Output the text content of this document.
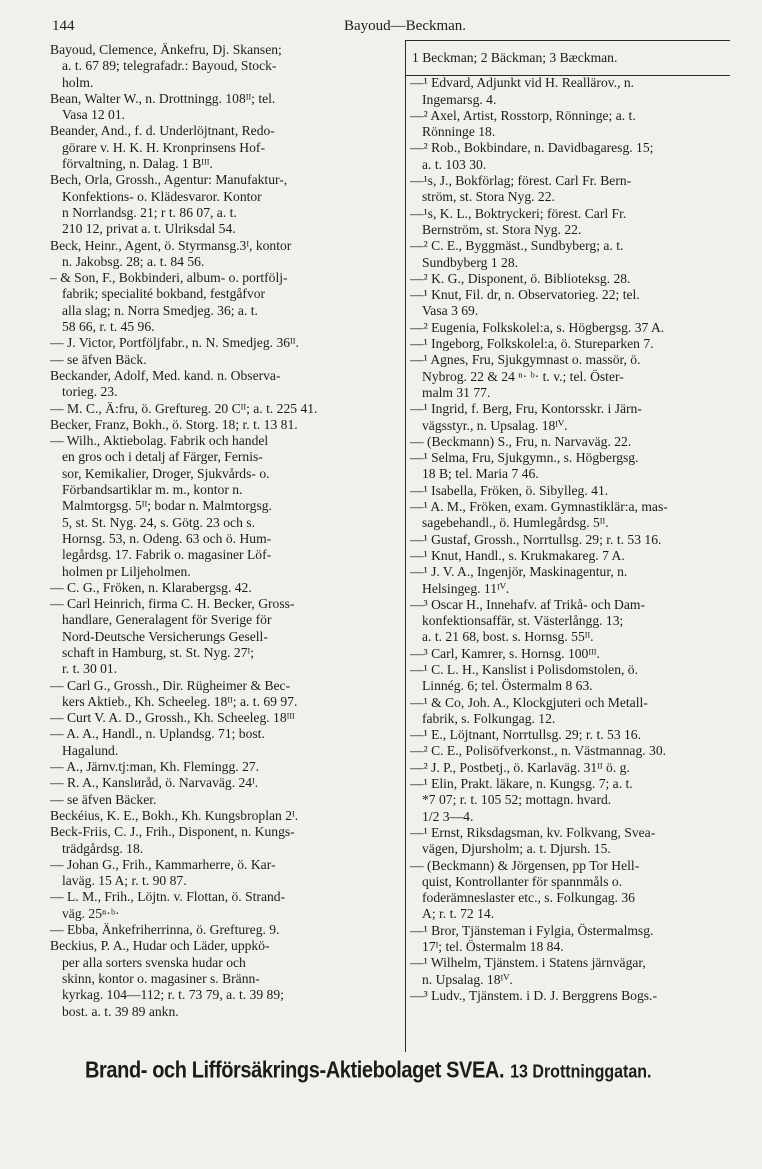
144	Bayoud—Beckman.
Bayoud, Clemence, Änkefru, Dj. Skansen;
a. t. 67 89; telegrafadr.: Bayoud, Stock-
holm.
Bean, Walter W., n. Drottningg. 108ᴵᴵ; tel.
Vasa 12 01.
Beander, And., f. d. Underlöjtnant, Redo-
görare v. H. K. H. Kronprinsens Hof-
förvaltning, n. Dalag. 1 Bᴵᴵᴵ.
Bech, Orla, Grossh., Agentur: Manufaktur-,
Konfektions- o. Klädesvaror. Kontor
n Norrlandsg. 21; r t. 86 07, a. t.
210 12, privat a. t. Ulriksdal 54.
Beck, Heinr., Agent, ö. Styrmansg.3ᴵ, kontor
n. Jakobsg. 28; a. t. 84 56.
– & Son, F., Bokbinderi, album- o. portfölj-
fabrik; specialité bokband, festgåfvor
alla slag; n. Norra Smedjeg. 36; a. t.
58 66, r. t. 45 96.
— J. Victor, Portföljfabr., n. N. Smedjeg. 36ᴵᴵ.
— se äfven Bäck.
Beckander, Adolf, Med. kand. n. Observa-
torieg. 23.
— M. C., Ä:fru, ö. Greftureg. 20 Cᴵᴵ; a. t. 225 41.
Becker, Franz, Bokh., ö. Storg. 18; r. t. 13 81.
— Wilh., Aktiebolag. Fabrik och handel
en gros och i detalj af Färger, Fernis-
sor, Kemikalier, Droger, Sjukvårds- o.
Förbandsartiklar m. m., kontor n.
Malmtorgsg. 5ᴵᴵ; bodar n. Malmtorgsg.
5, st. St. Nyg. 24, s. Götg. 23 och s.
Hornsg. 53, n. Odeng. 63 och ö. Hum-
legårdsg. 17. Fabrik o. magasiner Löf-
holmen pr Liljeholmen.
— C. G., Fröken, n. Klarabergsg. 42.
— Carl Heinrich, firma C. H. Becker, Gross-
handlare, Generalagent för Sverige för
Nord-Deutsche Versicherungs Gesell-
schaft in Hamburg, st. St. Nyg. 27ᴵ;
r. t. 30 01.
— Carl G., Grossh., Dir. Rügheimer & Bec-
kers Aktieb., Kh. Scheeleg. 18ᴵᴵ; a. t. 69 97.
— Curt V. A. D., Grossh., Kh. Scheeleg. 18ᴵᴵᴵ
— A. A., Handl., n. Uplandsg. 71; bost.
Hagalund.
— A., Järnv.tj:man, Kh. Flemingg. 27.
— R. A., Kanslиråd, ö. Narvaväg. 24ᴵ.
— se äfven Bäcker.
Beckéius, K. E., Bokh., Kh. Kungsbroplan 2ᴵ.
Beck-Friis, C. J., Frih., Disponent, n. Kungs-
trädgårdsg. 18.
— Johan G., Frih., Kammarherre, ö. Kar-
laväg. 15 A; r. t. 90 87.
— L. M., Frih., Löjtn. v. Flottan, ö. Strand-
väg. 25ⁿ·ᵇ·
— Ebba, Änkefriherrinna, ö. Greftureg. 9.
Beckius, P. A., Hudar och Läder, uppkö-
per alla sorters svenska hudar och
skinn, kontor o. magasiner s. Bränn-
kyrkag. 104—112; r. t. 73 79, a. t. 39 89;
bost. a. t. 39 89 ankn.
1 Beckman; 2 Bäckman; 3 Bæckman.
—¹ Edvard, Adjunkt vid H. Reallärov., n.
Ingemarsg. 4.
—² Axel, Artist, Rosstorp, Rönninge; a. t.
Rönninge 18.
—² Rob., Bokbindare, n. Davidbagaresg. 15;
a. t. 103 30.
—¹s, J., Bokförlag; förest. Carl Fr. Bern-
ström, st. Stora Nyg. 22.
—¹s, K. L., Boktryckeri; förest. Carl Fr.
Bernström, st. Stora Nyg. 22.
—² C. E., Byggmäst., Sundbyberg; a. t.
Sundbyberg 1 28.
—² K. G., Disponent, ö. Biblioteksg. 28.
—¹ Knut, Fil. dr, n. Observatorieg. 22; tel.
Vasa 3 69.
—² Eugenia, Folkskolel:a, s. Högbergsg. 37 A.
—¹ Ingeborg, Folkskolel:a, ö. Stureparken 7.
—¹ Agnes, Fru, Sjukgymnast o. massör, ö.
Nybrog. 22 & 24 ⁿ· ᵇ· t. v.; tel. Öster-
malm 31 77.
—¹ Ingrid, f. Berg, Fru, Kontorsskr. i Järn-
vägsstyr., n. Upsalag. 18ᴵⱽ.
— (Beckmann) S., Fru, n. Narvaväg. 22.
—¹ Selma, Fru, Sjukgymn., s. Högbergsg.
18 B; tel. Maria 7 46.
—¹ Isabella, Fröken, ö. Sibylleg. 41.
—¹ A. M., Fröken, exam. Gymnastiklär:a, mas-
sagebehandl., ö. Humlegårdsg. 5ᴵᴵ.
—¹ Gustaf, Grossh., Norrtullsg. 29; r. t. 53 16.
—¹ Knut, Handl., s. Krukmakareg. 7 A.
—¹ J. V. A., Ingenjör, Maskinagentur, n.
Helsingeg. 11ᴵⱽ.
—³ Oscar H., Innehafv. af Trikå- och Dam-
konfektionsaffär, st. Västerlångg. 13;
a. t. 21 68, bost. s. Hornsg. 55ᴵᴵ.
—³ Carl, Kamrer, s. Hornsg. 100ᴵᴵᴵ.
—¹ C. L. H., Kanslist i Polisdomstolen, ö.
Linnég. 6; tel. Östermalm 8 63.
—¹ & Co, Joh. A., Klockgjuteri och Metall-
fabrik, s. Folkungag. 12.
—¹ E., Löjtnant, Norrtullsg. 29; r. t. 53 16.
—² C. E., Polisöfverkonst., n. Västmannag. 30.
—² J. P., Postbetj., ö. Karlaväg. 31ᴵᴵ ö. g.
—¹ Elin, Prakt. läkare, n. Kungsg. 7; a. t.
*7 07; r. t. 105 52; mottagn. hvard.
1/2 3—4.
—¹ Ernst, Riksdagsman, kv. Folkvang, Svea-
vägen, Djursholm; a. t. Djursh. 15.
— (Beckmann) & Jörgensen, pp Tor Hell-
quist, Kontrollanter för spannmåls o.
foderämneslaster etc., s. Folkungag. 36
A; r. t. 72 14.
—¹ Bror, Tjänsteman i Fylgia, Östermalmsg.
17ᴵ; tel. Östermalm 18 84.
—¹ Wilhelm, Tjänstem. i Statens järnvägar,
n. Upsalag. 18ᴵⱽ.
—³ Ludv., Tjänstem. i D. J. Berggrens Bogs.-
Brand- och Lifförsäkrings-Aktiebolaget SVEA. 13 Drottninggatan.
